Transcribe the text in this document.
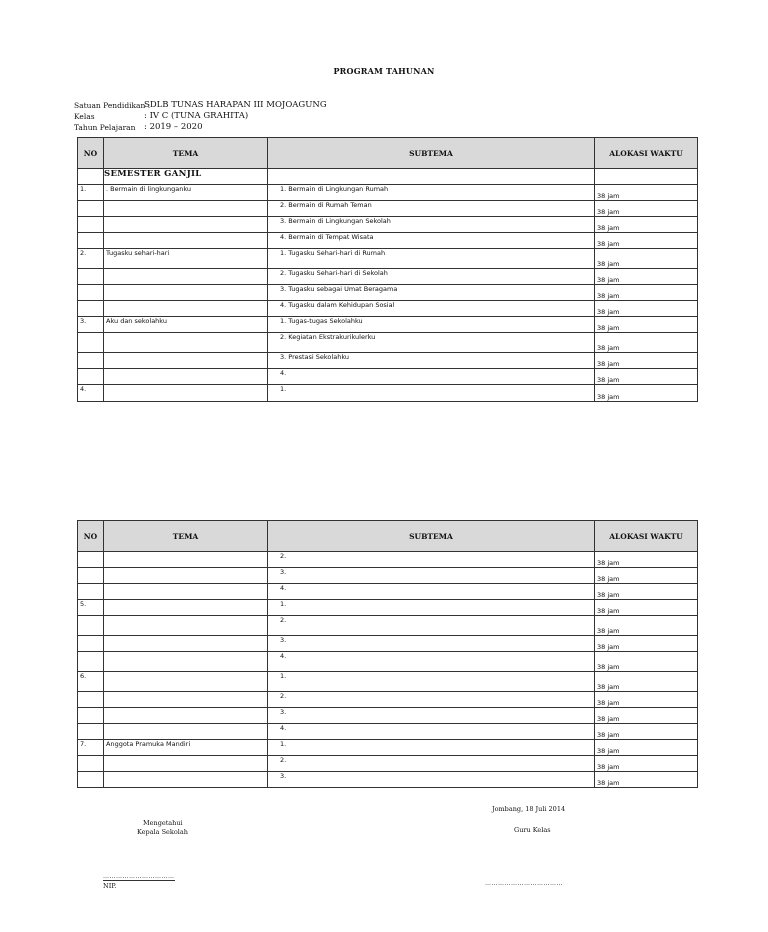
PROGRAM TAHUNAN
Satuan Pendidikan :
SDLB TUNAS HARAPAN III MOJOAGUNG
Kelas	: IV C (TUNA GRAHITA)
Tahun Pelajaran : 2019 – 2020
NO	TEMA	SUBTEMA	ALOKASI WAKTU
	SEMESTER GANJIL		
1.	. Bermain di lingkunganku	1. Bermain di Lingkungan Rumah	38 jam
		2. Bermain di Rumah Teman	38 jam
		3. Bermain di Lingkungan Sekolah	38 jam
		4. Bermain di Tempat Wisata	38 jam
2.	Tugasku sehari-hari	1. Tugasku Sehari-hari di Rumah	38 jam
		2. Tugasku Sehari-hari di Sekolah	38 jam
		3. Tugasku sebagai Umat Beragama	38 jam
		4. Tugasku dalam Kehidupan Sosial	38 jam
3.	Aku dan sekolahku	1. Tugas-tugas Sekolahku	38 jam
		2. Kegiatan Ekstrakurikulerku	38 jam
		3. Prestasi Sekolahku	38 jam
		4.	38 jam
4.		1.	38 jam
NO	TEMA	SUBTEMA	ALOKASI WAKTU
		2.	38 jam
		3.	38 jam
		4.	38 jam
5.		1.	38 jam
		2.	38 jam
		3.	38 jam
		4.	38 jam
6.		1.	38 jam
		2.	38 jam
		3.	38 jam
		4.	38 jam
7.	Anggota Pramuka Mandiri	1.	38 jam
		2.	38 jam
		3.	38 jam
Jombang, 18 Juli 2014
Mengetahui
Kepala Sekolah	Guru Kelas
……………………………
NIP.	………………………………
